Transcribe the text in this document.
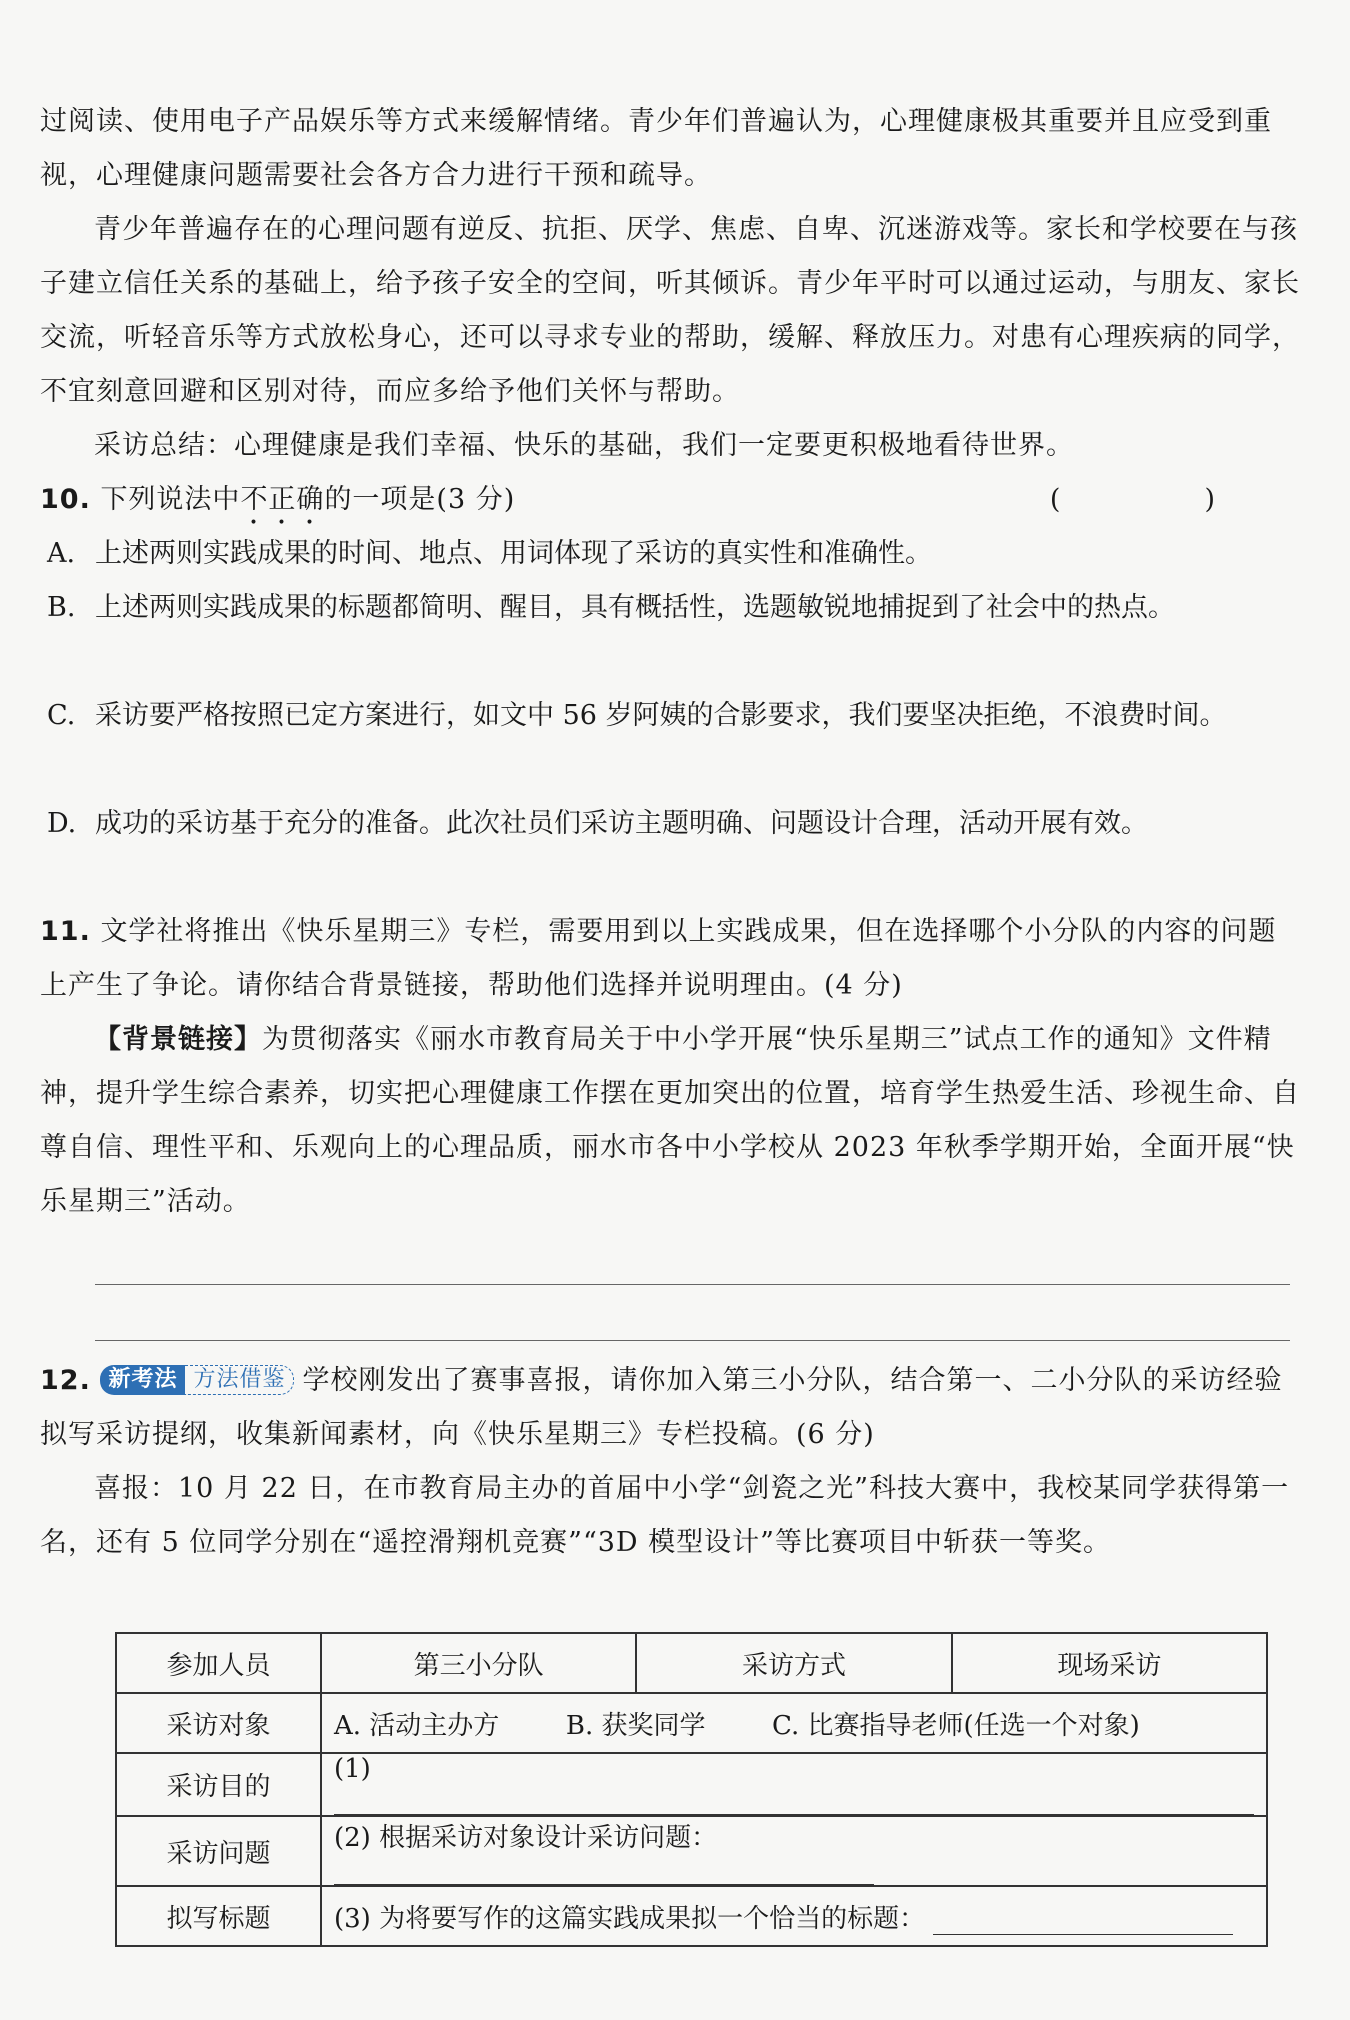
过阅读、使用电子产品娱乐等方式来缓解情绪。青少年们普遍认为，心理健康极其重要并且应受到重视，心理健康问题需要社会各方合力进行干预和疏导。

青少年普遍存在的心理问题有逆反、抗拒、厌学、焦虑、自卑、沉迷游戏等。家长和学校要在与孩子建立信任关系的基础上，给予孩子安全的空间，听其倾诉。青少年平时可以通过运动，与朋友、家长交流，听轻音乐等方式放松身心，还可以寻求专业的帮助，缓解、释放压力。对患有心理疾病的同学，不宜刻意回避和区别对待，而应多给予他们关怀与帮助。

采访总结：心理健康是我们幸福、快乐的基础，我们一定要更积极地看待世界。

10. 下列说法中不正确的一项是(3 分)	(　　)

A. 上述两则实践成果的时间、地点、用词体现了采访的真实性和准确性。

B. 上述两则实践成果的标题都简明、醒目，具有概括性，选题敏锐地捕捉到了社会中的热点。

C. 采访要严格按照已定方案进行，如文中 56 岁阿姨的合影要求，我们要坚决拒绝，不浪费时间。

D. 成功的采访基于充分的准备。此次社员们采访主题明确、问题设计合理，活动开展有效。

11. 文学社将推出《快乐星期三》专栏，需要用到以上实践成果，但在选择哪个小分队的内容的问题上产生了争论。请你结合背景链接，帮助他们选择并说明理由。(4 分)

【背景链接】为贯彻落实《丽水市教育局关于中小学开展“快乐星期三”试点工作的通知》文件精神，提升学生综合素养，切实把心理健康工作摆在更加突出的位置，培育学生热爱生活、珍视生命、自尊自信、理性平和、乐观向上的心理品质，丽水市各中小学校从 2023 年秋季学期开始，全面开展“快乐星期三”活动。

12. 新考法 方法借鉴 学校刚发出了赛事喜报，请你加入第三小分队，结合第一、二小分队的采访经验拟写采访提纲，收集新闻素材，向《快乐星期三》专栏投稿。(6 分)

喜报：10 月 22 日，在市教育局主办的首届中小学“剑瓷之光”科技大赛中，我校某同学获得第一名，还有 5 位同学分别在“遥控滑翔机竞赛”“3D 模型设计”等比赛项目中斩获一等奖。

参加人员	第三小分队	采访方式	现场采访
采访对象	A. 活动主办方 B. 获奖同学 C. 比赛指导老师(任选一个对象)		
采访目的	(1)		
采访问题	(2) 根据采访对象设计采访问题：		
拟写标题	(3) 为将要写作的这篇实践成果拟一个恰当的标题：		
